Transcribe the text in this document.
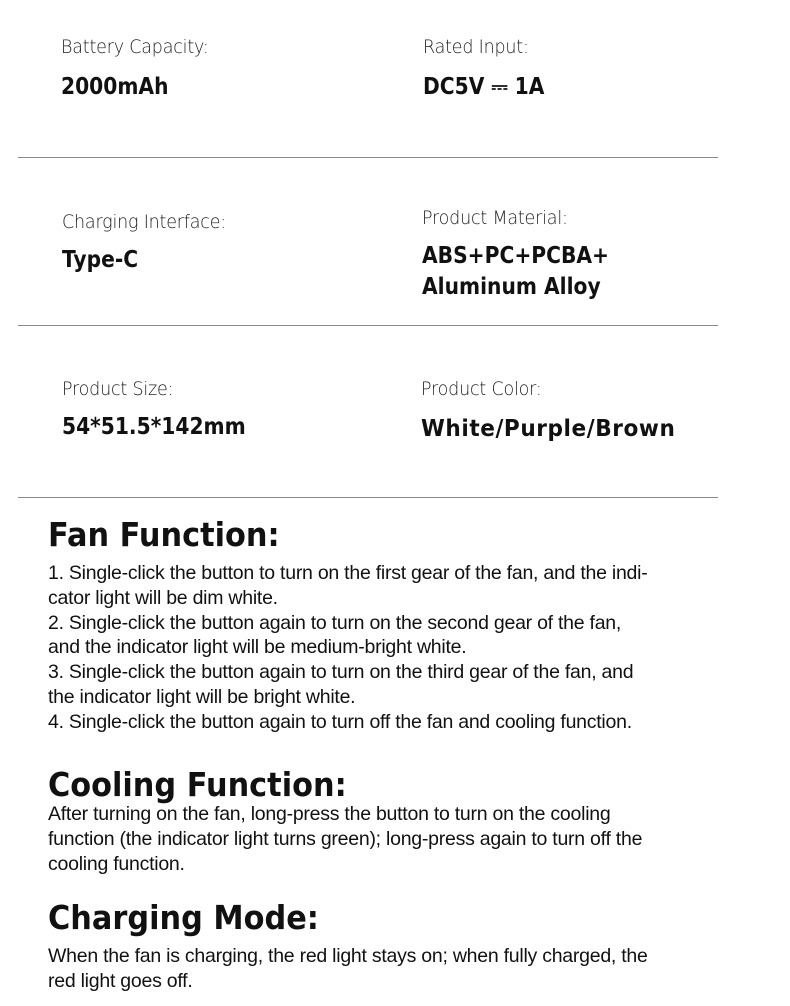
Battery Capacity:
2000mAh
Rated Input:
DC5V ⎓ 1A
Charging Interface:
Type-C
Product Material:
ABS+PC+PCBA+
Aluminum Alloy
Product Size:
54*51.5*142mm
Product Color:
White/Purple/Brown
Fan Function:

1. Single-click the button to turn on the first gear of the fan, and the indi-

cator light will be dim white.

2. Single-click the button again to turn on the second gear of the fan,

and the indicator light will be medium-bright white.

3. Single-click the button again to turn on the third gear of the fan, and

the indicator light will be bright white.

4. Single-click the button again to turn off the fan and cooling function.

Cooling Function:

After turning on the fan, long-press the button to turn on the cooling

function (the indicator light turns green); long-press again to turn off the

cooling function.

Charging Mode:

When the fan is charging, the red light stays on; when fully charged, the

red light goes off.
